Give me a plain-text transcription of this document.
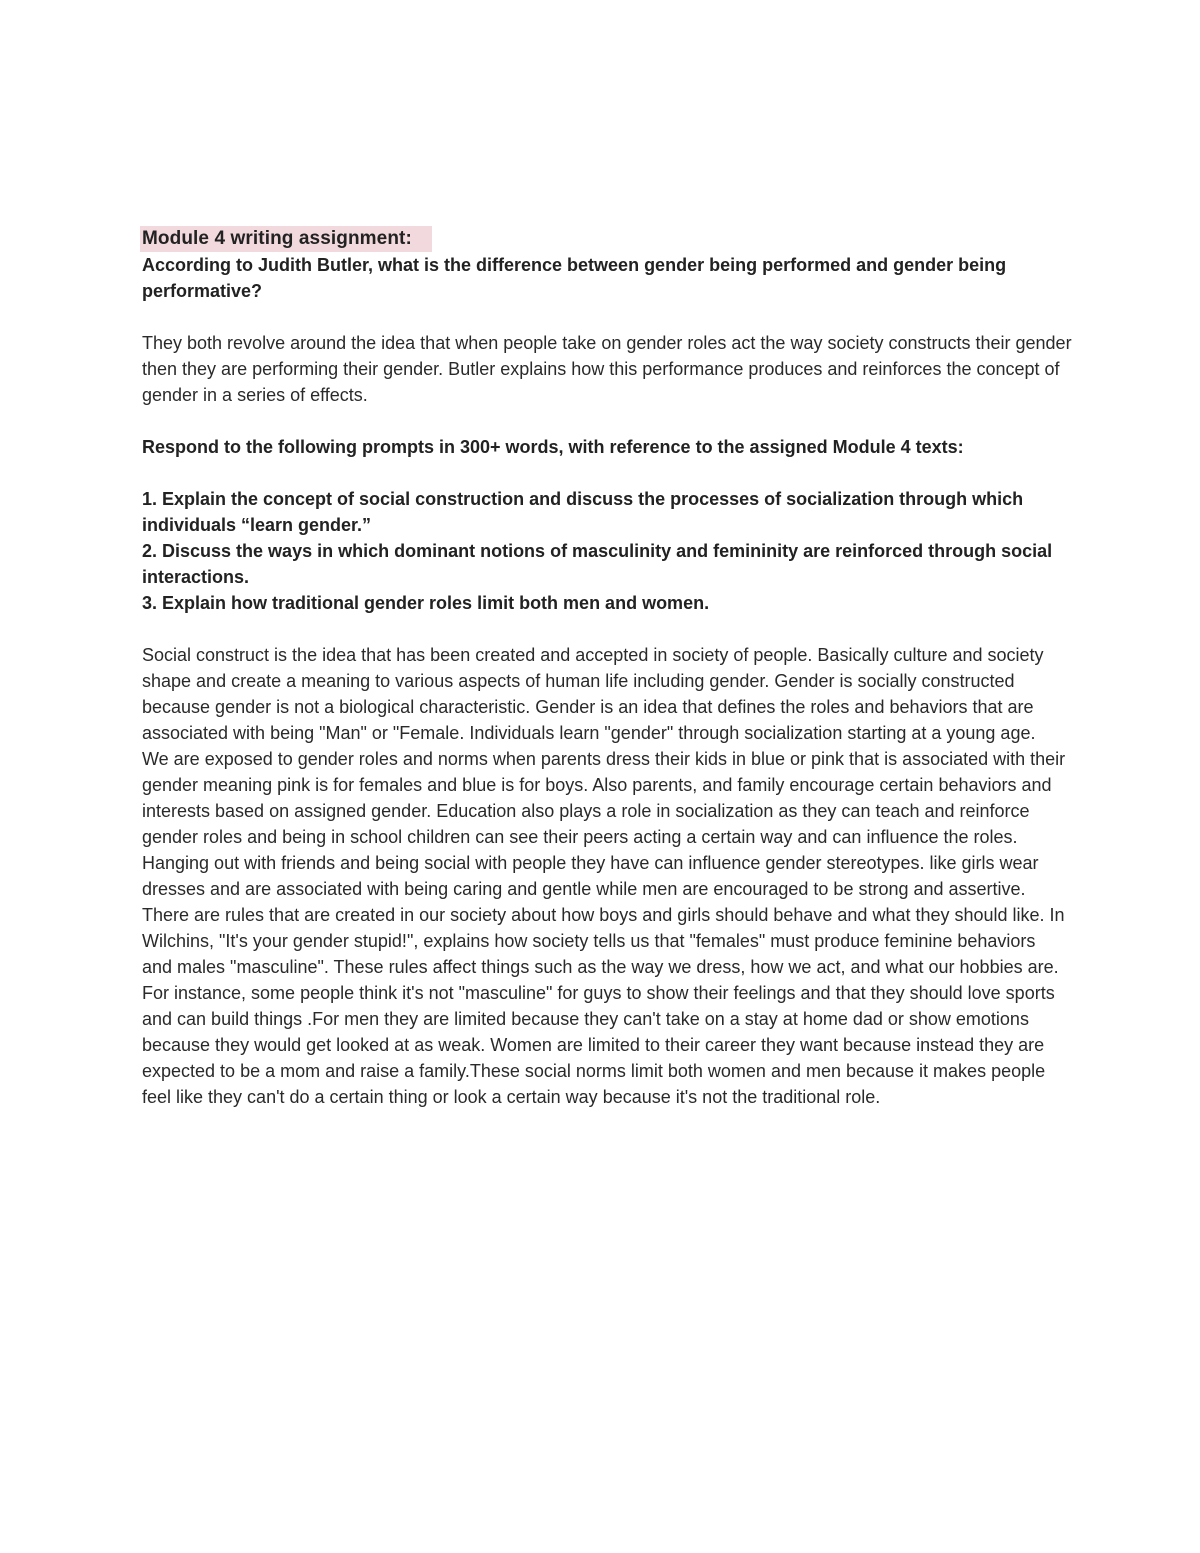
Module 4 writing assignment:

According to Judith Butler, what is the difference between gender being performed and gender being performative?

They both revolve around the idea that when people take on gender roles act the way society constructs their gender then they are performing their gender. Butler explains how this performance produces and reinforces the concept of gender in a series of effects.

Respond to the following prompts in 300+ words, with reference to the assigned Module 4 texts:

1. Explain the concept of social construction and discuss the processes of socialization through which individuals “learn gender.”

2. Discuss the ways in which dominant notions of masculinity and femininity are reinforced through social interactions.

3. Explain how traditional gender roles limit both men and women.

Social construct is the idea that has been created and accepted in society of people. Basically culture and society shape and create a meaning to various aspects of human life including gender. Gender is socially constructed because gender is not a biological characteristic. Gender is an idea that defines the roles and behaviors that are associated with being "Man" or "Female. Individuals learn "gender" through socialization starting at a young age. We are exposed to gender roles and norms when parents dress their kids in blue or pink that is associated with their gender meaning pink is for females and blue is for boys. Also parents, and family encourage certain behaviors and interests based on assigned gender. Education also plays a role in socialization as they can teach and reinforce gender roles and being in school children can see their peers acting a certain way and can influence the roles. Hanging out with friends and being social with people they have can influence gender stereotypes. like girls wear dresses and are associated with being caring and gentle while men are encouraged to be strong and assertive. There are rules that are created in our society about how boys and girls should behave and what they should like. In Wilchins, "It's your gender stupid!", explains how society tells us that "females" must produce feminine behaviors and males "masculine". These rules affect things such as the way we dress, how we act, and what our hobbies are. For instance, some people think it's not "masculine" for guys to show their feelings and that they should love sports and can build things .For men they are limited because they can't take on a stay at home dad or show emotions because they would get looked at as weak. Women are limited to their career they want because instead they are expected to be a mom and raise a family.These social norms limit both women and men because it makes people feel like they can't do a certain thing or look a certain way because it's not the traditional role.
